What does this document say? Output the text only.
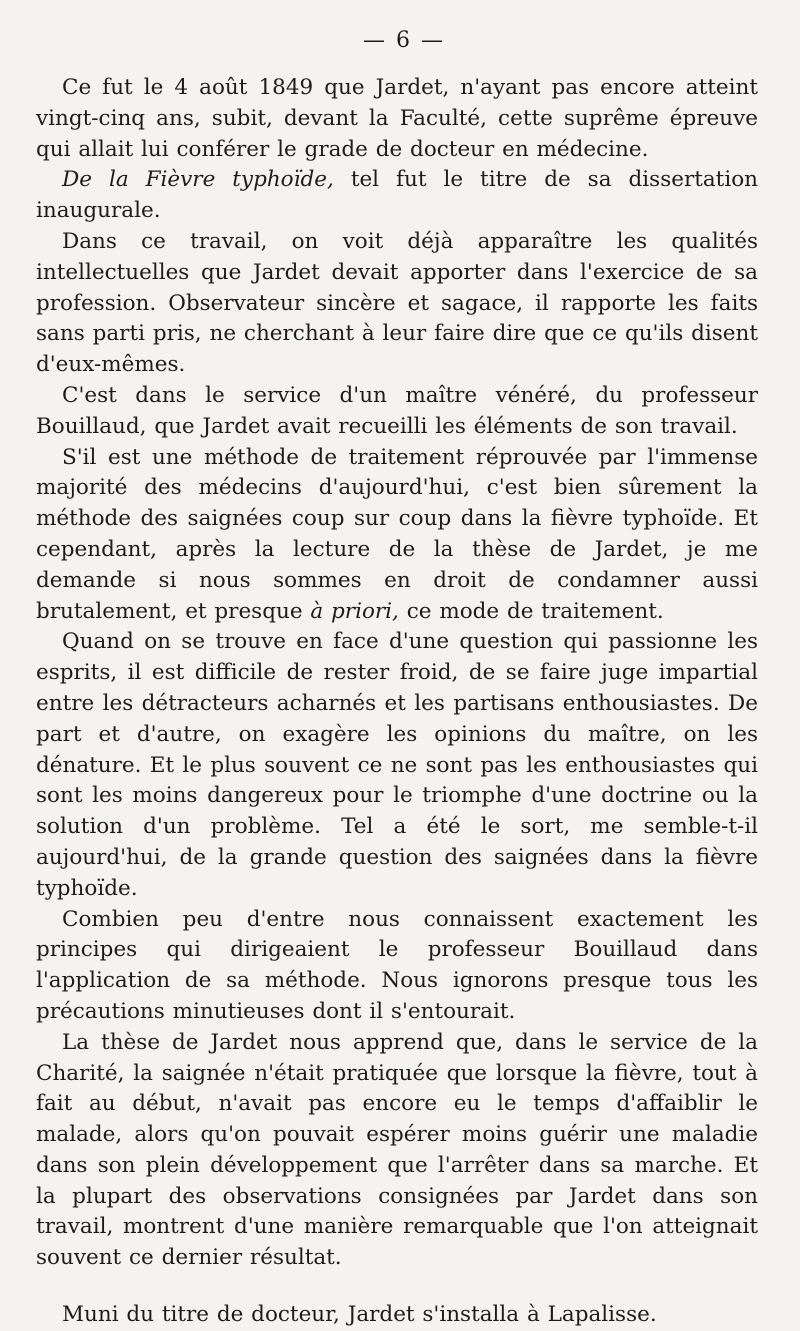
— 6 —

Ce fut le 4 août 1849 que Jardet, n'ayant pas encore atteint vingt-cinq ans, subit, devant la Faculté, cette suprême épreuve qui allait lui conférer le grade de docteur en médecine.

De la Fièvre typhoïde, tel fut le titre de sa dissertation inaugurale.

Dans ce travail, on voit déjà apparaître les qualités intellectuelles que Jardet devait apporter dans l'exercice de sa profession. Observateur sincère et sagace, il rapporte les faits sans parti pris, ne cherchant à leur faire dire que ce qu'ils disent d'eux-mêmes.

C'est dans le service d'un maître vénéré, du professeur Bouillaud, que Jardet avait recueilli les éléments de son travail.

S'il est une méthode de traitement réprouvée par l'immense majorité des médecins d'aujourd'hui, c'est bien sûrement la méthode des saignées coup sur coup dans la fièvre typhoïde. Et cependant, après la lecture de la thèse de Jardet, je me demande si nous sommes en droit de condamner aussi brutalement, et presque à priori, ce mode de traitement.

Quand on se trouve en face d'une question qui passionne les esprits, il est difficile de rester froid, de se faire juge impartial entre les détracteurs acharnés et les partisans enthousiastes. De part et d'autre, on exagère les opinions du maître, on les dénature. Et le plus souvent ce ne sont pas les enthousiastes qui sont les moins dangereux pour le triomphe d'une doctrine ou la solution d'un problème. Tel a été le sort, me semble-t-il aujourd'hui, de la grande question des saignées dans la fièvre typhoïde.

Combien peu d'entre nous connaissent exactement les principes qui dirigeaient le professeur Bouillaud dans l'application de sa méthode. Nous ignorons presque tous les précautions minutieuses dont il s'entourait.

La thèse de Jardet nous apprend que, dans le service de la Charité, la saignée n'était pratiquée que lorsque la fièvre, tout à fait au début, n'avait pas encore eu le temps d'affaiblir le malade, alors qu'on pouvait espérer moins guérir une maladie dans son plein développement que l'arrêter dans sa marche. Et la plupart des observations consignées par Jardet dans son travail, montrent d'une manière remarquable que l'on atteignait souvent ce dernier résultat.

Muni du titre de docteur, Jardet s'installa à Lapalisse.
